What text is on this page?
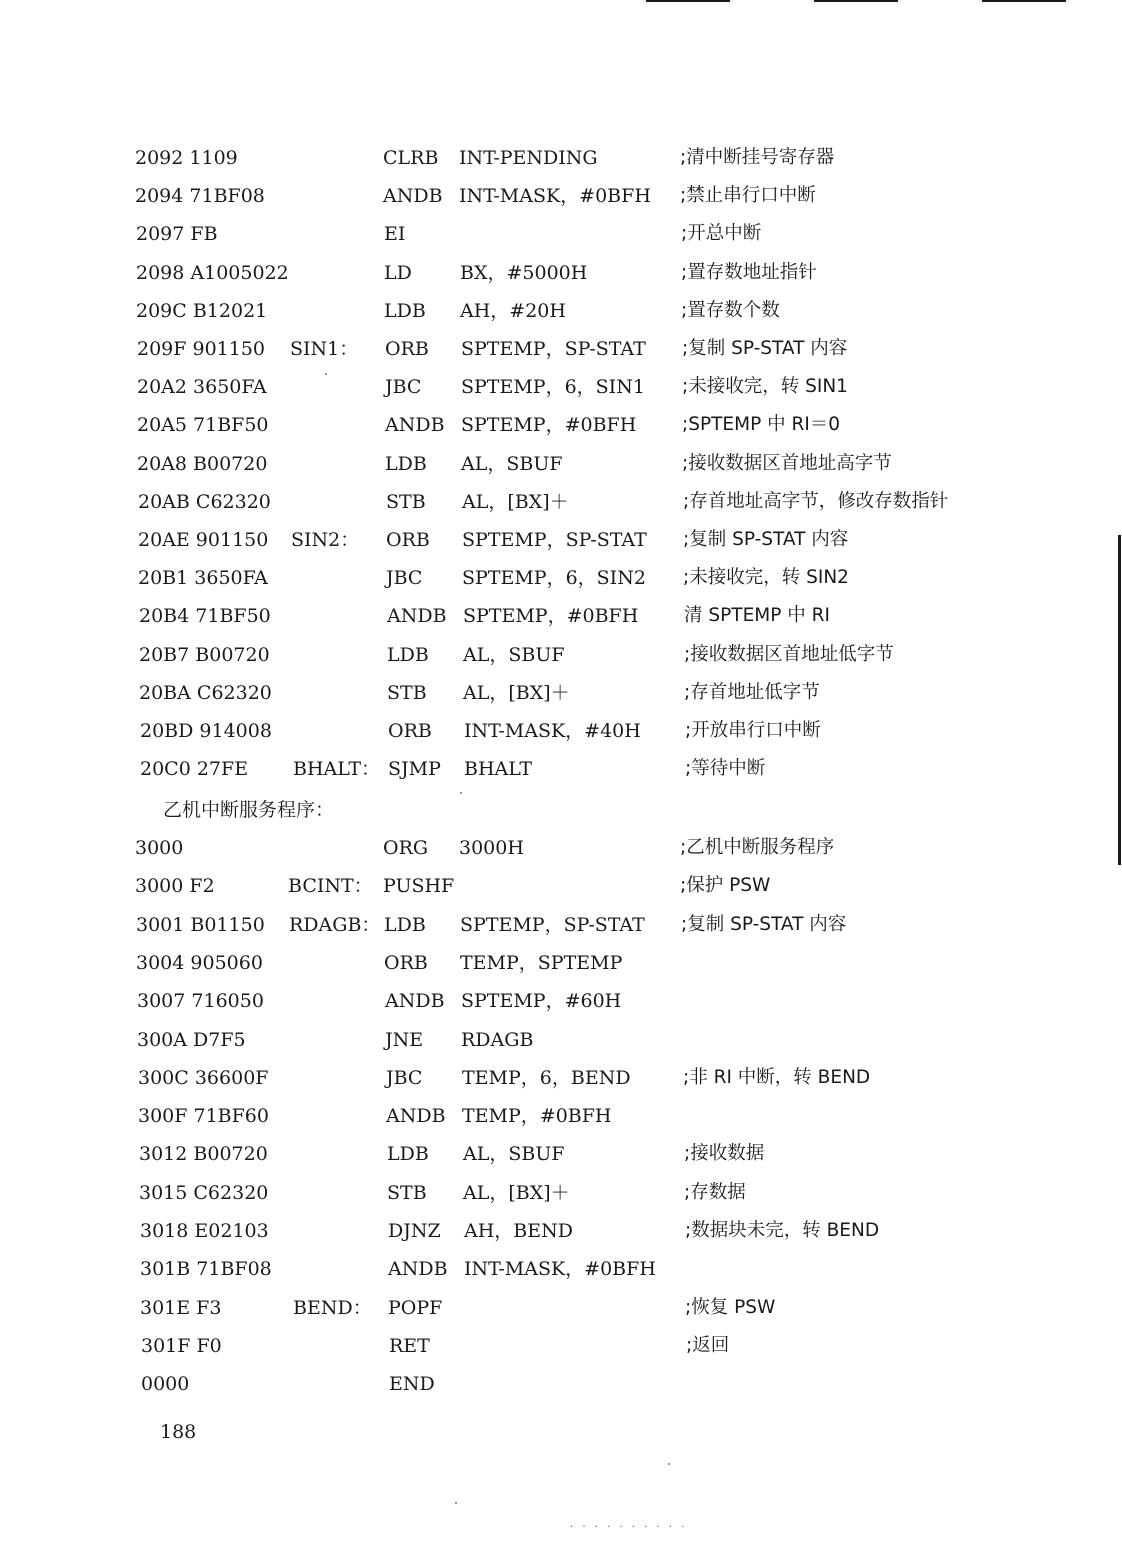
2092 1109	CLRB INT-PENDING	;清中断挂号寄存器
2094 71BF08	ANDB INT-MASK，#0BFH ;禁止串行口中断
2097 FB	EI	;开总中断
2098 A1005022	LD	BX，#5000H	;置存数地址指针
209C B12021	LDB AH，#20H	;置存数个数
209F 901150 SIN1： ORB SPTEMP，SP-STAT ;复制 SP-STAT 内容
20A2 3650FA	JBC SPTEMP，6，SIN1 ;未接收完，转 SIN1
20A5 71BF50	ANDB SPTEMP，#0BFH ;SPTEMP 中 RI＝0
20A8 B00720	LDB AL，SBUF	;接收数据区首地址高字节
20AB C62320	STB AL，[BX]＋	;存首地址高字节，修改存数指针
20AE 901150 SIN2： ORB SPTEMP，SP-STAT ;复制 SP-STAT 内容
20B1 3650FA	JBC SPTEMP，6，SIN2 ;未接收完，转 SIN2
20B4 71BF50	ANDB SPTEMP，#0BFH 清 SPTEMP 中 RI
20B7 B00720	LDB AL，SBUF	;接收数据区首地址低字节
20BA C62320	STB AL，[BX]＋	;存首地址低字节
20BD 914008	ORB INT-MASK，#40H ;开放串行口中断
20C0 27FE BHALT： SJMP BHALT	;等待中断
乙机中断服务程序：
3000	ORG 3000H	;乙机中断服务程序
3000 F2	BCINT： PUSHF	;保护 PSW
3001 B01150 RDAGB： LDB SPTEMP，SP-STAT ;复制 SP-STAT 内容
3004 905060	ORB TEMP，SPTEMP
3007 716050	ANDB SPTEMP，#60H
300A D7F5	JNE RDAGB
300C 36600F	JBC TEMP，6，BEND	;非 RI 中断，转 BEND
300F 71BF60	ANDB TEMP，#0BFH
3012 B00720	LDB AL，SBUF	;接收数据
3015 C62320	STB AL，[BX]＋	;存数据
3018 E02103	DJNZ AH，BEND	;数据块未完，转 BEND
301B 71BF08	ANDB INT-MASK，#0BFH
301E F3	BEND： POPF	;恢复 PSW
301F F0	RET	;返回
0000	END
188
· · · · · · · · · ·
